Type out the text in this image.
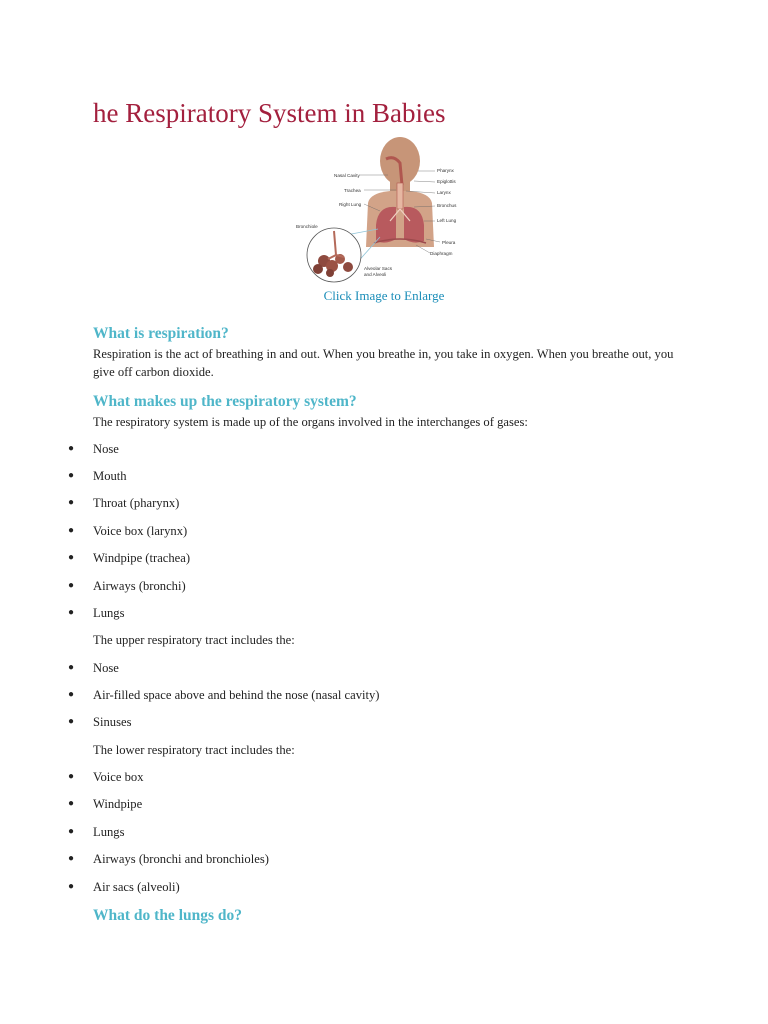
he Respiratory System in Babies
Nasal Cavity
Trachea
Right Lung
Bronchiole
Pharynx
Epiglottis
Larynx
Bronchus
Left Lung
Pleura
Diaphragm
Alveolar Sacs
and Alveoli
Click Image to Enlarge
What is respiration?

Respiration is the act of breathing in and out. When you breathe in, you take in oxygen. When you breathe out, you give off carbon dioxide.

What makes up the respiratory system?

The respiratory system is made up of the organs involved in the interchanges of gases:

● Nose
● Mouth
● Throat (pharynx)
● Voice box (larynx)
● Windpipe (trachea)
● Airways (bronchi)
● Lungs

The upper respiratory tract includes the:

● Nose
● Air-filled space above and behind the nose (nasal cavity)
● Sinuses

The lower respiratory tract includes the:

● Voice box
● Windpipe
● Lungs
● Airways (bronchi and bronchioles)
● Air sacs (alveoli)
What do the lungs do?
